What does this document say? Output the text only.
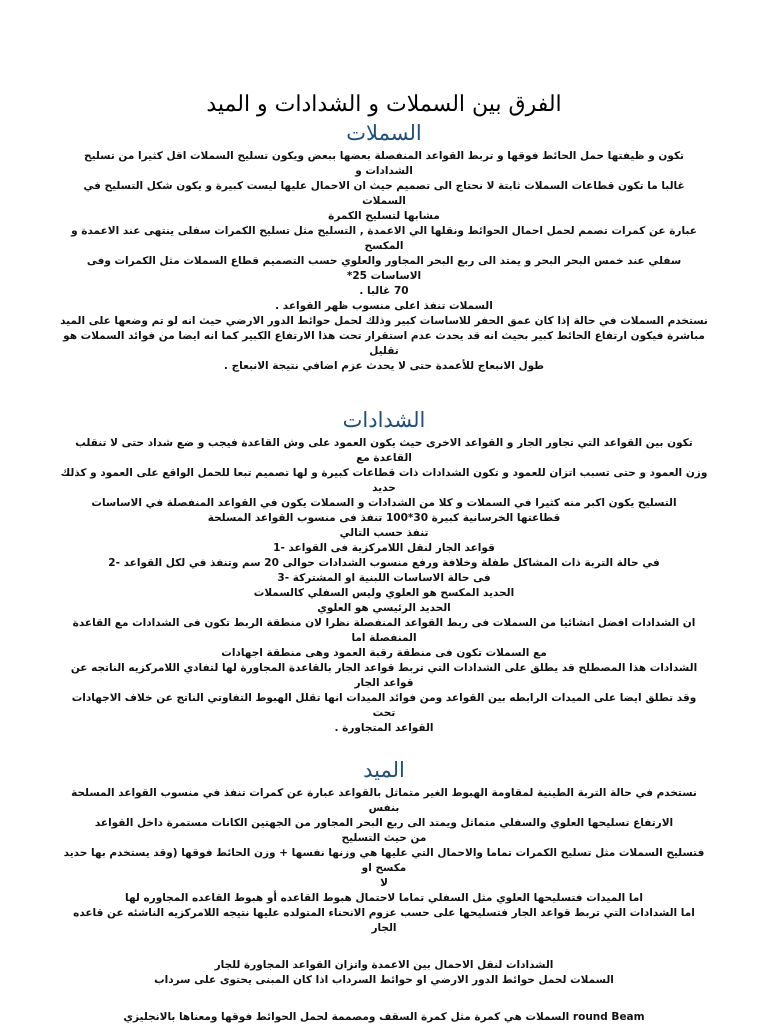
الفرق بين السملات و الشدادات و الميد
السملات

تكون و ظيفتها حمل الحائط فوقها و تربط القواعد المنفصلة بعضها ببعض ويكون تسليح السملات اقل كثيرا من تسليح الشدادات و

غالبا ما تكون قطاعات السملات ثابتة لا نحتاج الى تصميم حيث ان الاحمال عليها ليست كبيرة و يكون شكل التسليح في السملات

مشابها لتسليح الكمرة

عبارة عن كمرات تصمم لحمل احمال الحوائط ونقلها الي الاعمدة , التسليح مثل تسليح الكمرات سفلى ينتهى عند الاعمدة و المكسح

سفلي عند خمس البحر البحر و يمتد الى ربع البحر المجاور والعلوي حسب التصميم قطاع السملات مثل الكمرات وفى الاساسات 25*

70 غالبا .

السملات تنفذ اعلى منسوب ظهر القواعد .

نستخدم السملات في حالة إذا كان عمق الحفر للاساسات كبير وذلك لحمل حوائط الدور الارضي حيث انه لو تم وضعها على الميد

مباشرة فيكون ارتفاع الحائط كبير بحيث انه قد يحدث عدم استقرار تحت هذا الارتفاع الكبير كما انه ايضا من فوائد السملات هو تقليل

طول الانبعاج للأعمدة حتى لا يحدث عزم اضافي نتيجة الانبعاج .

الشدادات

تكون بين القواعد التي تجاور الجار و القواعد الاخرى حيث يكون العمود على وش القاعدة فيجب و ضع شداد حتى لا تنقلب القاعدة مع

وزن العمود و حتى تسبب اتزان للعمود و تكون الشدادات ذات قطاعات كبيرة و لها تصميم تبعا للحمل الواقع على العمود و كذلك حديد

التسليح يكون اكبر منه كثيرا في السملات و كلا من الشدادات و السملات يكون في القواعد المنفصلة في الاساسات

قطاعتها الخرسانية كبيرة 30*100 تنفذ فى منسوب القواعد المسلحة

تنفذ حسب التالي

قواعد الجار لنقل اللامركزية فى القواعد -1

في حالة التربة ذات المشاكل طفلة وخلافة ورفع منسوب الشدادات حوالى 20 سم وتنفذ في لكل القواعد -2

فى حالة الاساسات اللبنية او المشتركة -3

الحديد المكسح هو العلوي وليس السفلي كالسملات

الحديد الرئيسي هو العلوي

ان الشدادات افضل انشائيا من السملات فى ربط القواعد المنفصلة نظرا لان منطقة الربط تكون فى الشدادات مع القاعدة المنفصلة اما

مع السملات تكون فى منطقة رقبة العمود وهى منطقة اجهادات

الشدادات هذا المصطلح قد يطلق على الشدادات التي تربط قواعد الجار بالقاعدة المجاورة لها لتفادي اللامركزيه الناتجه عن قواعد الجار

وقد تطلق ايضا على الميدات الرابطه بين القواعد ومن فوائد الميدات انها تقلل الهبوط التفاوتي الناتج عن خلاف الاجهادات تحت

القواعد المتجاورة .

الميد

نستخدم في حالة التربة الطينية لمقاومة الهبوط الغير متماثل بالقواعد عبارة عن كمرات تنفذ في منسوب القواعد المسلحة بنفس

الارتفاع تسليحها العلوي والسفلي متماثل ويمتد الى ربع البحر المجاور من الجهتين الكانات مستمرة داخل القواعد

من حيث التسليح

فتسليح السملات مثل تسليح الكمرات تماما والاحمال التي عليها هي وزنها نفسها + وزن الحائط فوقها (وقد يستخدم بها حديد مكسح او

لا

اما الميدات فتسليحها العلوي مثل السفلي تماما لاحتمال هبوط القاعده أو هبوط القاعده المجاوره لها

اما الشدادات التي تربط قواعد الجار فتسليحها على حسب عزوم الانحناء المتولده عليها نتيجه اللامركزيه الناشئه عن قاعده الجار

الشدادات لنقل الاحمال بين الاعمدة واتزان القواعد المجاورة للجار

السملات لحمل حوائط الدور الارضي او حوائط السرداب اذا كان المبنى يحتوى على سرداب

round Beam السملات هي كمرة مثل كمرة السقف ومصممة لحمل الحوائط فوقها ومعناها بالانجليزي
